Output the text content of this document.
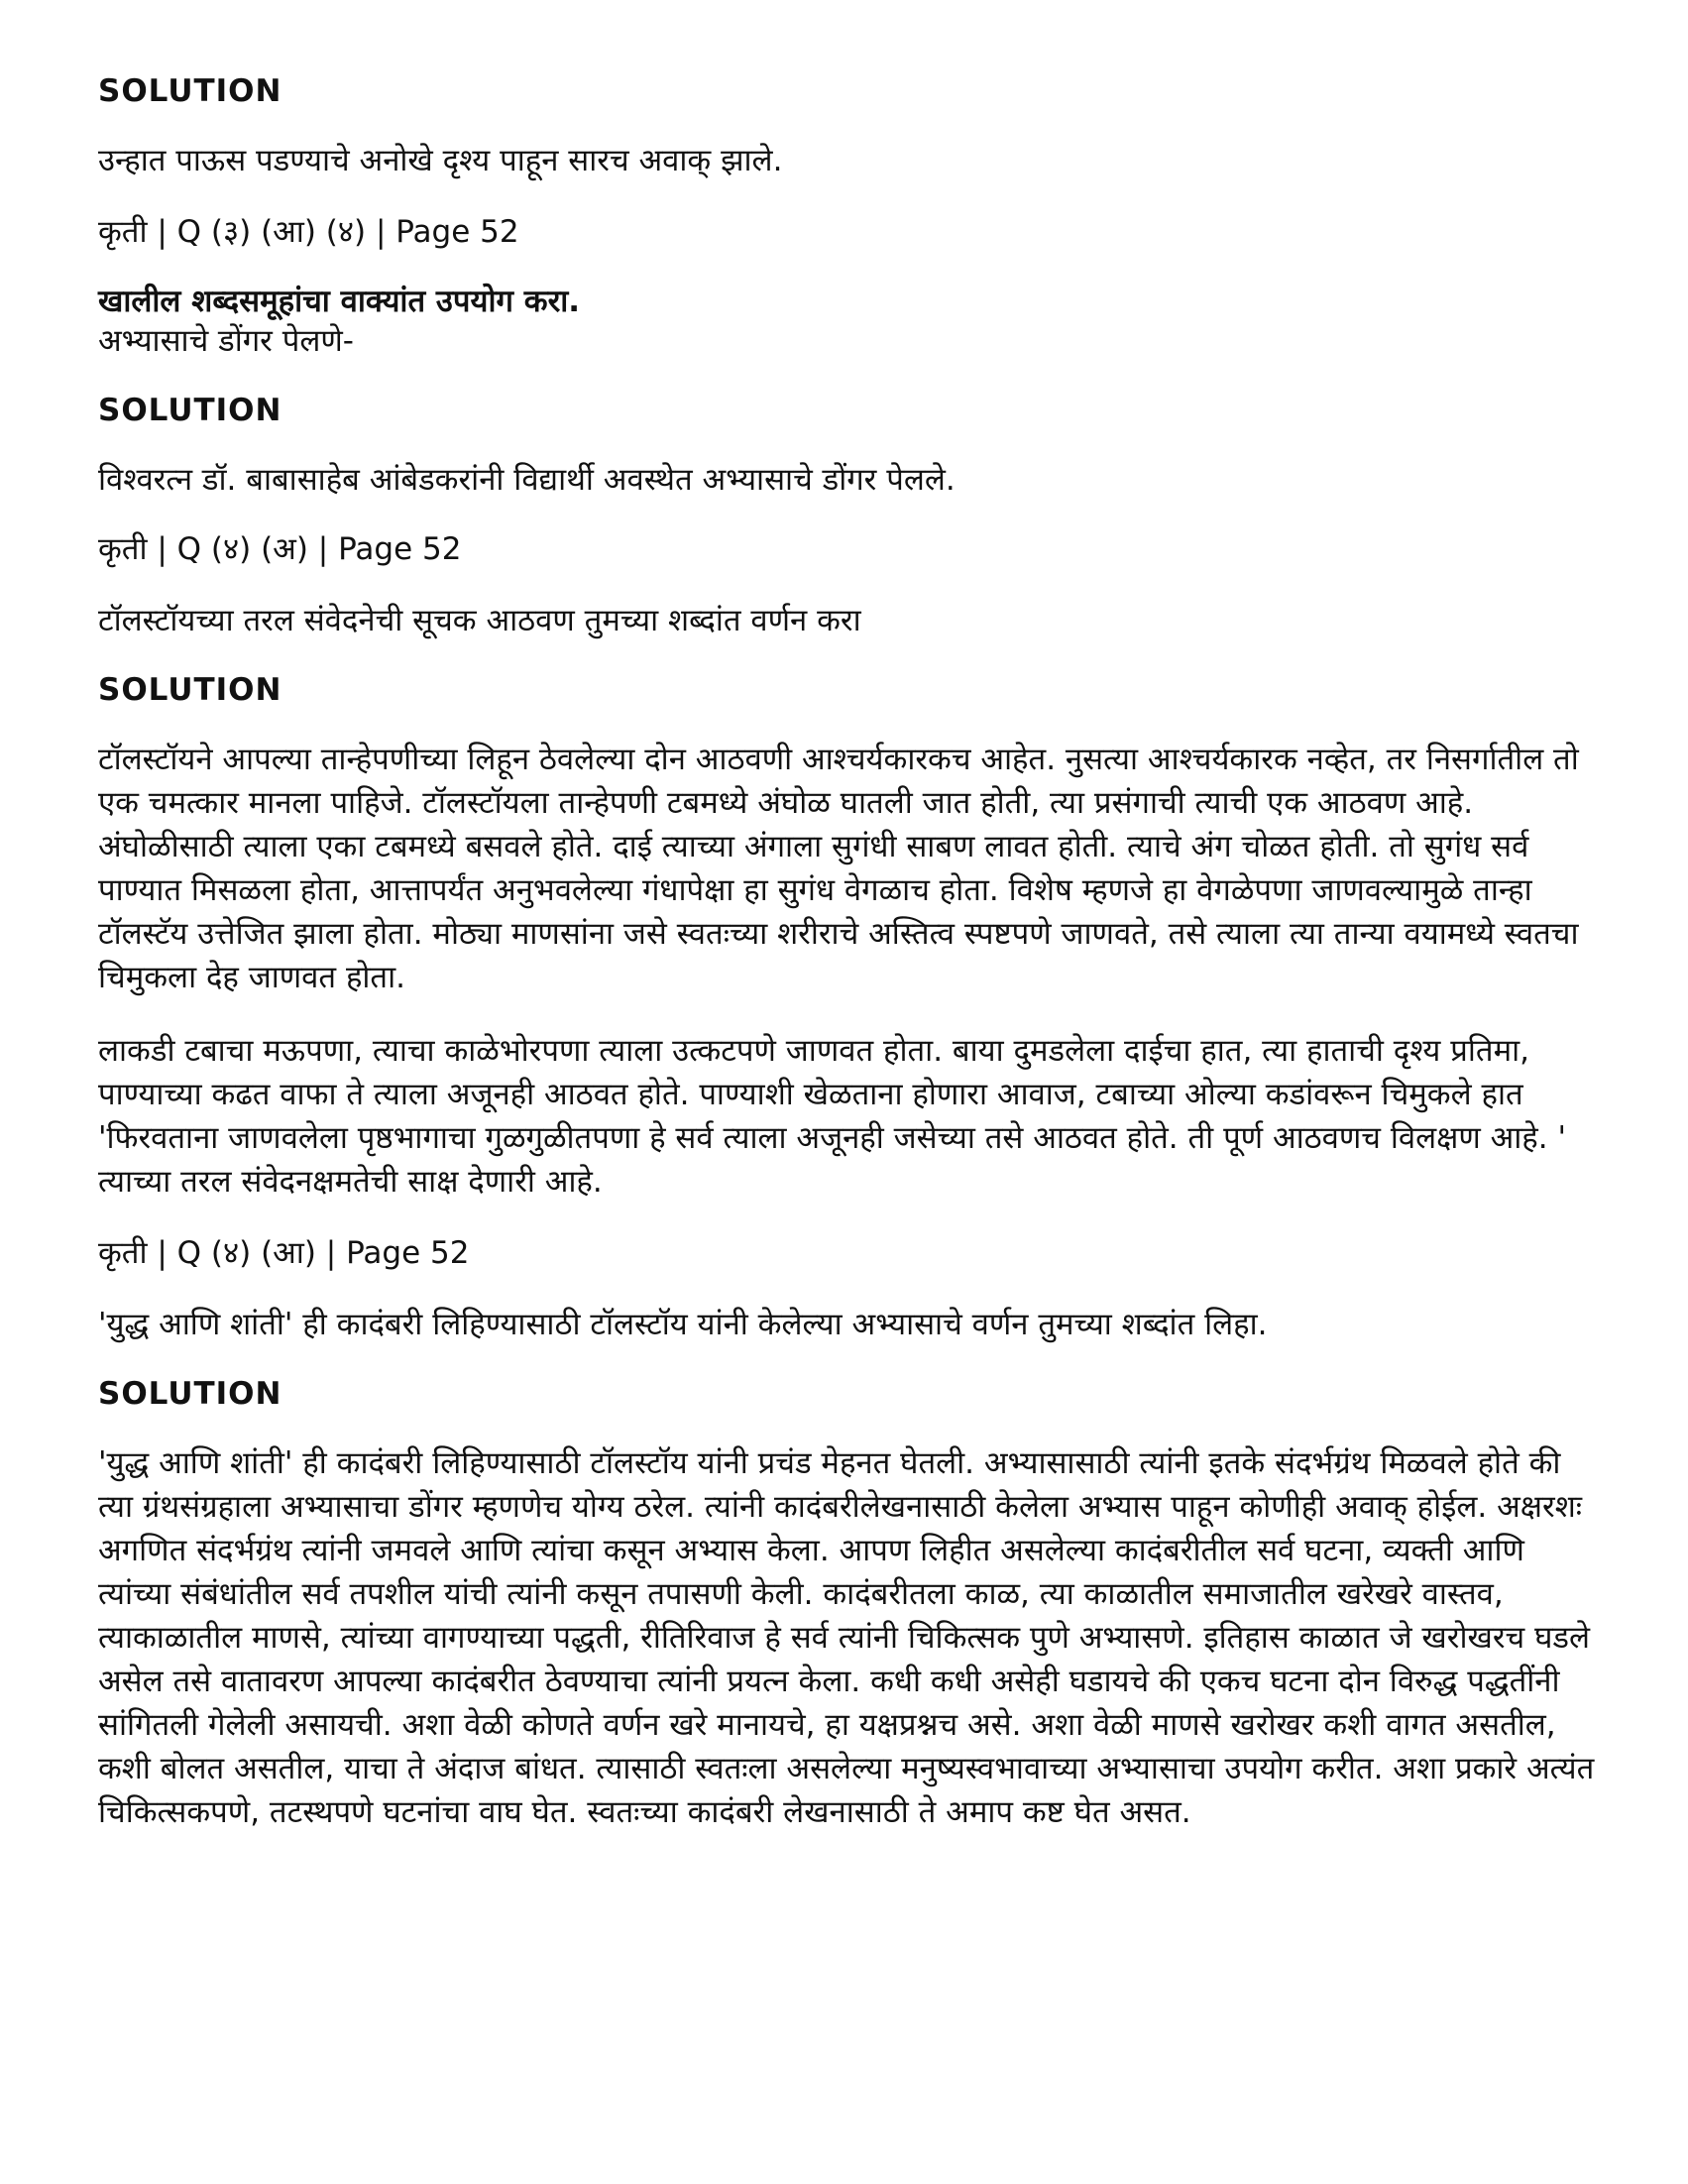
SOLUTION

उन्हात पाऊस पडण्याचे अनोखे दृश्य पाहून सारच अवाक् झाले.

कृती | Q (३) (आ) (४) | Page 52

खालील शब्दसमूहांचा वाक्यांत उपयोग करा.
अभ्यासाचे डोंगर पेलणे-

SOLUTION

विश्वरत्न डॉ. बाबासाहेब आंबेडकरांनी विद्यार्थी अवस्थेत अभ्यासाचे डोंगर पेलले.

कृती | Q (४) (अ) | Page 52

टॉलस्टॉयच्या तरल संवेदनेची सूचक आठवण तुमच्या शब्दांत वर्णन करा

SOLUTION

टॉलस्टॉयने आपल्या तान्हेपणीच्या लिहून ठेवलेल्या दोन आठवणी आश्चर्यकारकच आहेत. नुसत्या आश्चर्यकारक नव्हेत, तर निसर्गातील तो एक चमत्कार मानला पाहिजे. टॉलस्टॉयला तान्हेपणी टबमध्ये अंघोळ घातली जात होती, त्या प्रसंगाची त्याची एक आठवण आहे. अंघोळीसाठी त्याला एका टबमध्ये बसवले होते. दाई त्याच्या अंगाला सुगंधी साबण लावत होती. त्याचे अंग चोळत होती. तो सुगंध सर्व पाण्यात मिसळला होता, आत्तापर्यंत अनुभवलेल्या गंधापेक्षा हा सुगंध वेगळाच होता. विशेष म्हणजे हा वेगळेपणा जाणवल्यामुळे तान्हा टॉलस्टॅय उत्तेजित झाला होता. मोठ्या माणसांना जसे स्वतःच्या शरीराचे अस्तित्व स्पष्टपणे जाणवते, तसे त्याला त्या तान्या वयामध्ये स्वतचा चिमुकला देह जाणवत होता.

लाकडी टबाचा मऊपणा, त्याचा काळेभोरपणा त्याला उत्कटपणे जाणवत होता. बाया दुमडलेला दाईचा हात, त्या हाताची दृश्य प्रतिमा, पाण्याच्या कढत वाफा ते त्याला अजूनही आठवत होते. पाण्याशी खेळताना होणारा आवाज, टबाच्या ओल्या कडांवरून चिमुकले हात 'फिरवताना जाणवलेला पृष्ठभागाचा गुळगुळीतपणा हे सर्व त्याला अजूनही जसेच्या तसे आठवत होते. ती पूर्ण आठवणच विलक्षण आहे. ' त्याच्या तरल संवेदनक्षमतेची साक्ष देणारी आहे.

कृती | Q (४) (आ) | Page 52

'युद्ध आणि शांती' ही कादंबरी लिहिण्यासाठी टॉलस्टॉय यांनी केलेल्या अभ्यासाचे वर्णन तुमच्या शब्दांत लिहा.

SOLUTION

'युद्ध आणि शांती' ही कादंबरी लिहिण्यासाठी टॉलस्टॉय यांनी प्रचंड मेहनत घेतली. अभ्यासासाठी त्यांनी इतके संदर्भग्रंथ मिळवले होते की त्या ग्रंथसंग्रहाला अभ्यासाचा डोंगर म्हणणेच योग्य ठरेल. त्यांनी कादंबरीलेखनासाठी केलेला अभ्यास पाहून कोणीही अवाक् होईल. अक्षरशः अगणित संदर्भग्रंथ त्यांनी जमवले आणि त्यांचा कसून अभ्यास केला. आपण लिहीत असलेल्या कादंबरीतील सर्व घटना, व्यक्ती आणि त्यांच्या संबंधांतील सर्व तपशील यांची त्यांनी कसून तपासणी केली. कादंबरीतला काळ, त्या काळातील समाजातील खरेखरे वास्तव, त्याकाळातील माणसे, त्यांच्या वागण्याच्या पद्धती, रीतिरिवाज हे सर्व त्यांनी चिकित्सक पुणे अभ्यासणे. इतिहास काळात जे खरोखरच घडले असेल तसे वातावरण आपल्या कादंबरीत ठेवण्याचा त्यांनी प्रयत्न केला. कधी कधी असेही घडायचे की एकच घटना दोन विरुद्ध पद्धतींनी सांगितली गेलेली असायची. अशा वेळी कोणते वर्णन खरे मानायचे, हा यक्षप्रश्नच असे. अशा वेळी माणसे खरोखर कशी वागत असतील, कशी बोलत असतील, याचा ते अंदाज बांधत. त्यासाठी स्वतःला असलेल्या मनुष्यस्वभावाच्या अभ्यासाचा उपयोग करीत. अशा प्रकारे अत्यंत चिकित्सकपणे, तटस्थपणे घटनांचा वाघ घेत. स्वतःच्या कादंबरी लेखनासाठी ते अमाप कष्ट घेत असत.
